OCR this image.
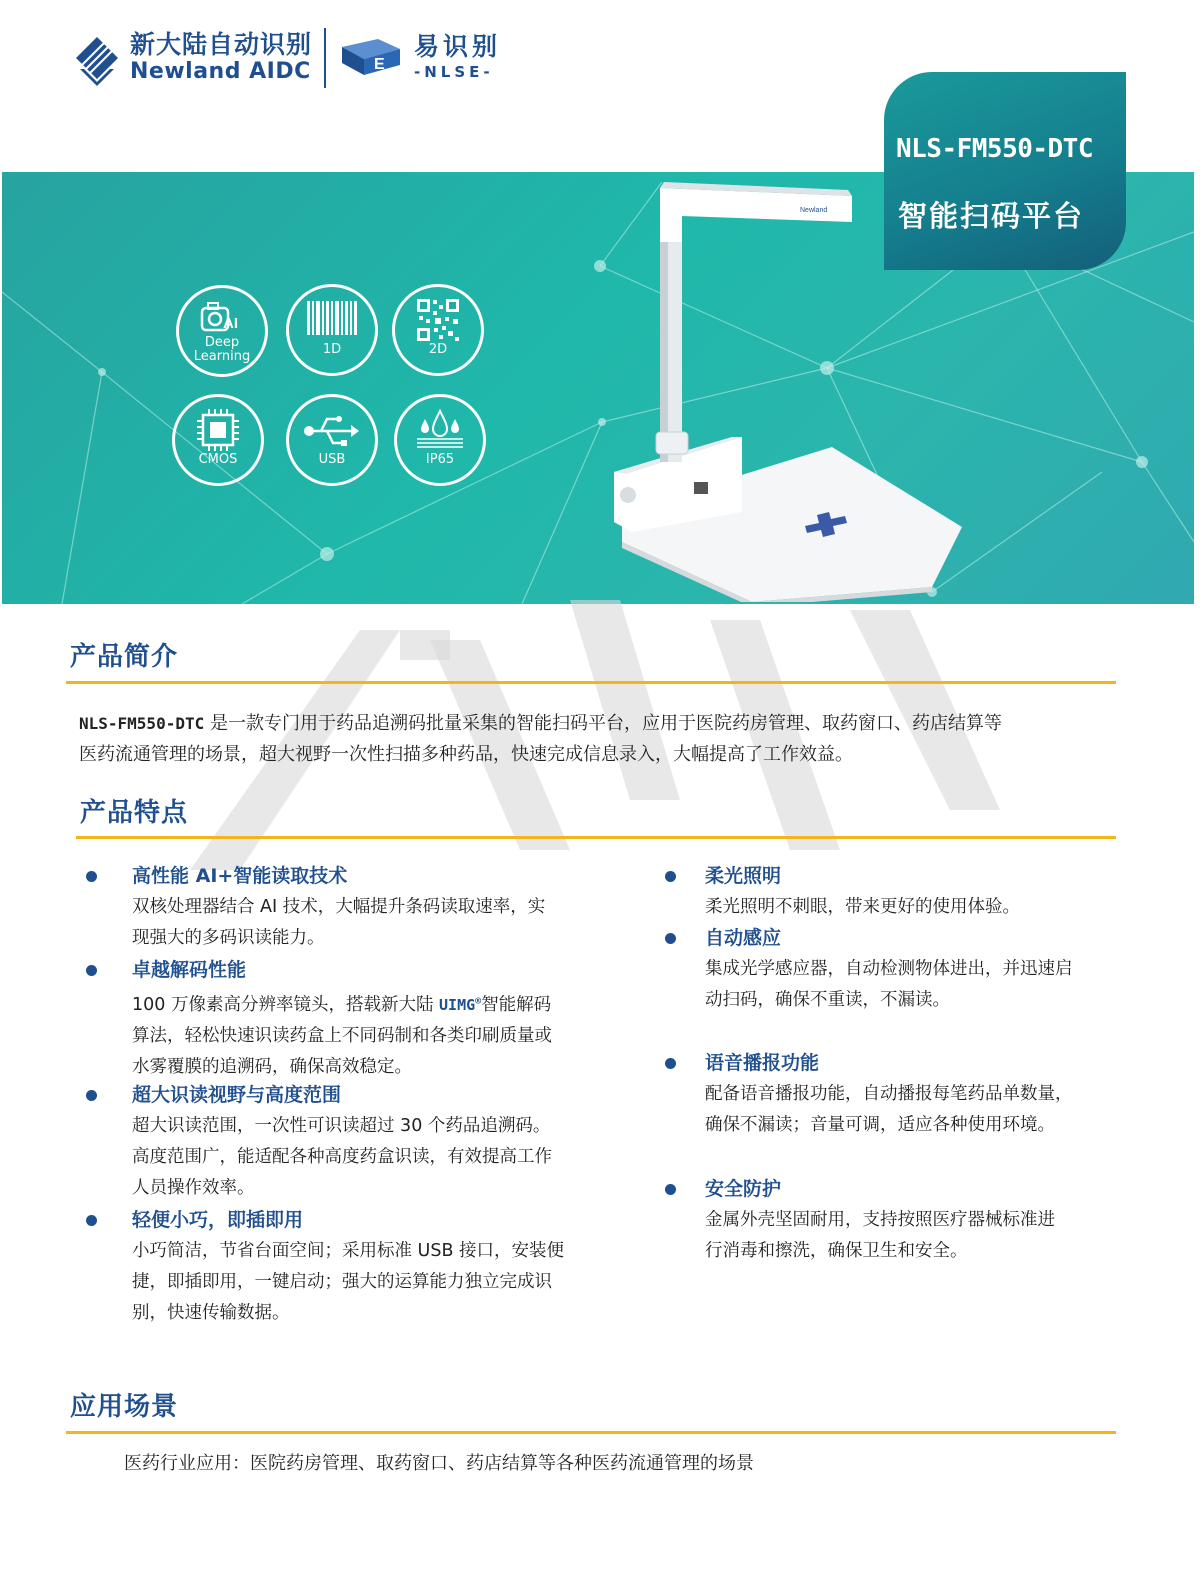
新大陆自动识别
Newland AIDC	E
易识别
-NLSE-
NLS-FM550-DTC
智能扫码平台
Newland
AI
Deep
Learning	1D	2D
CMOS	USB	IP65
产品简介
NLS-FM550-DTC 是一款专门用于药品追溯码批量采集的智能扫码平台，应用于医院药房管理、取药窗口、药店结算等
医药流通管理的场景，超大视野一次性扫描多种药品，快速完成信息录入，大幅提高了工作效益。
产品特点
高性能 AI+智能读取技术
双核处理器结合 AI 技术，大幅提升条码读取速率，实
现强大的多码识读能力。
卓越解码性能
100 万像素高分辨率镜头，搭载新大陆 UIMG®智能解码
算法，轻松快速识读药盒上不同码制和各类印刷质量或
水雾覆膜的追溯码，确保高效稳定。
超大识读视野与高度范围
超大识读范围，一次性可识读超过 30 个药品追溯码。
高度范围广，能适配各种高度药盒识读，有效提高工作
人员操作效率。
轻便小巧，即插即用
小巧简洁，节省台面空间；采用标准 USB 接口，安装便
捷，即插即用，一键启动；强大的运算能力独立完成识
别，快速传输数据。
柔光照明
柔光照明不刺眼，带来更好的使用体验。
自动感应
集成光学感应器，自动检测物体进出，并迅速启
动扫码，确保不重读，不漏读。
语音播报功能
配备语音播报功能，自动播报每笔药品单数量，
确保不漏读；音量可调，适应各种使用环境。
安全防护
金属外壳坚固耐用，支持按照医疗器械标准进
行消毒和擦洗，确保卫生和安全。
应用场景
医药行业应用：医院药房管理、取药窗口、药店结算等各种医药流通管理的场景
